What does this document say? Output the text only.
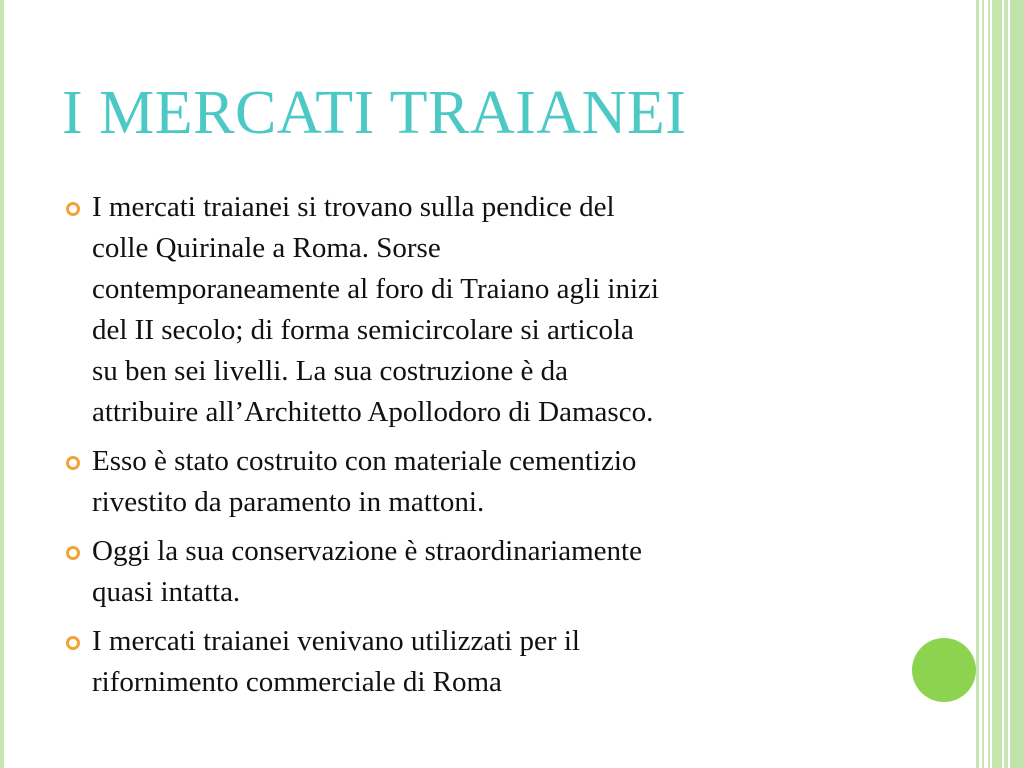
I MERCATI TRAIANEI
I mercati traianei si trovano sulla pendice del
colle Quirinale a Roma. Sorse
contemporaneamente al foro di Traiano agli inizi
del II secolo; di forma semicircolare si articola
su ben sei livelli. La sua costruzione è da
attribuire all’Architetto Apollodoro di Damasco.
Esso è stato costruito con materiale cementizio
rivestito da paramento in mattoni.
Oggi la sua conservazione è straordinariamente
quasi intatta.
I mercati traianei venivano utilizzati per il
rifornimento commerciale di Roma
